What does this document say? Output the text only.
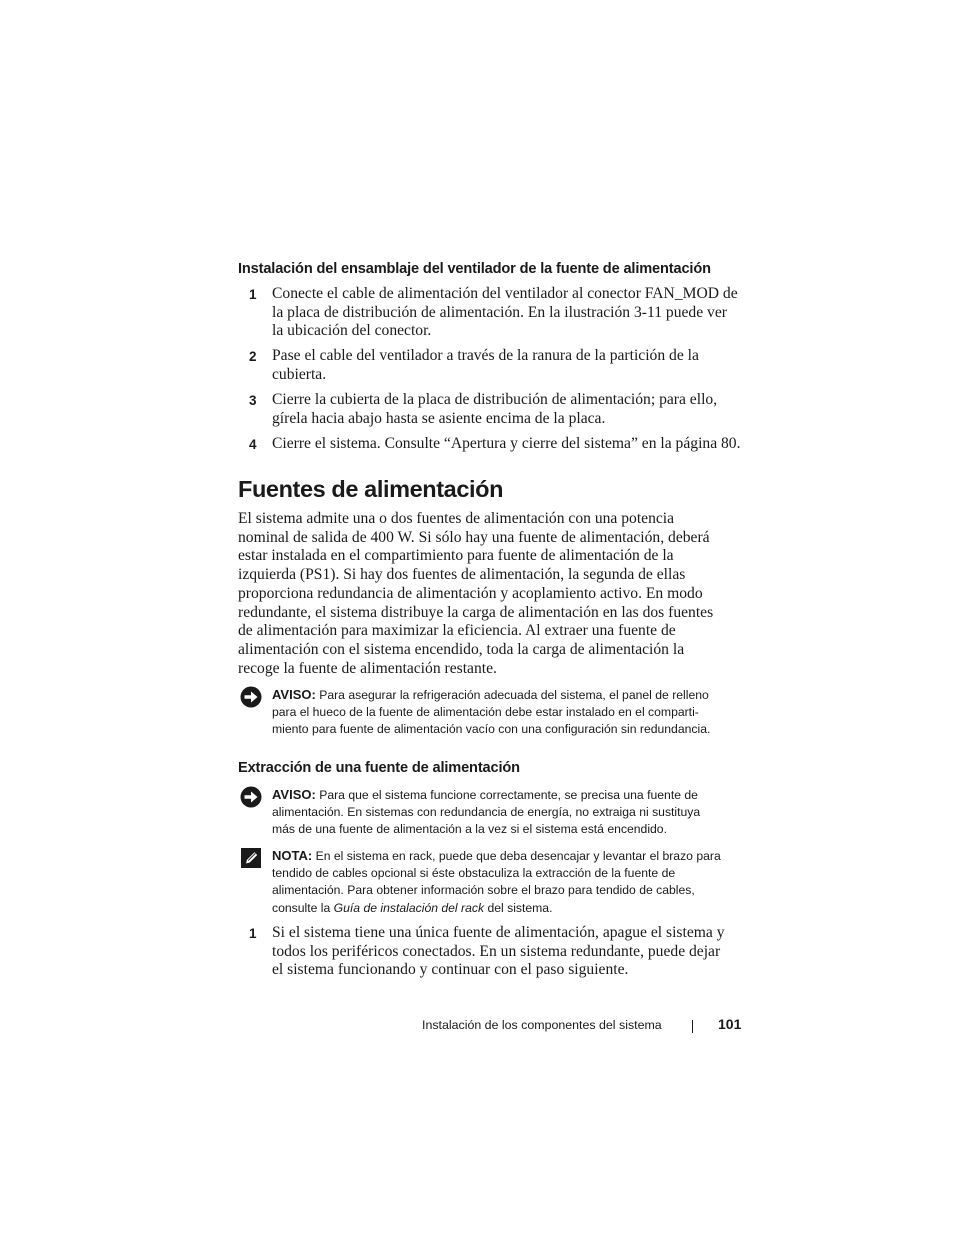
Instalación del ensamblaje del ventilador de la fuente de alimentación
1 Conecte el cable de alimentación del ventilador al conector FAN_MOD de
la placa de distribución de alimentación. En la ilustración 3-11 puede ver
la ubicación del conector.
2 Pase el cable del ventilador a través de la ranura de la partición de la
cubierta.
3 Cierre la cubierta de la placa de distribución de alimentación; para ello,
gírela hacia abajo hasta se asiente encima de la placa.
4 Cierre el sistema. Consulte “Apertura y cierre del sistema” en la página 80.
Fuentes de alimentación
El sistema admite una o dos fuentes de alimentación con una potencia
nominal de salida de 400 W. Si sólo hay una fuente de alimentación, deberá
estar instalada en el compartimiento para fuente de alimentación de la
izquierda (PS1). Si hay dos fuentes de alimentación, la segunda de ellas
proporciona redundancia de alimentación y acoplamiento activo. En modo
redundante, el sistema distribuye la carga de alimentación en las dos fuentes
de alimentación para maximizar la eficiencia. Al extraer una fuente de
alimentación con el sistema encendido, toda la carga de alimentación la
recoge la fuente de alimentación restante.
AVISO: Para asegurar la refrigeración adecuada del sistema, el panel de relleno
para el hueco de la fuente de alimentación debe estar instalado en el comparti-
miento para fuente de alimentación vacío con una configuración sin redundancia.
Extracción de una fuente de alimentación
AVISO: Para que el sistema funcione correctamente, se precisa una fuente de
alimentación. En sistemas con redundancia de energía, no extraiga ni sustituya
más de una fuente de alimentación a la vez si el sistema está encendido.
NOTA: En el sistema en rack, puede que deba desencajar y levantar el brazo para
tendido de cables opcional si éste obstaculiza la extracción de la fuente de
alimentación. Para obtener información sobre el brazo para tendido de cables,
consulte la Guía de instalación del rack del sistema.
1 Si el sistema tiene una única fuente de alimentación, apague el sistema y
todos los periféricos conectados. En un sistema redundante, puede dejar
el sistema funcionando y continuar con el paso siguiente.
Instalación de los componentes del sistema	101
